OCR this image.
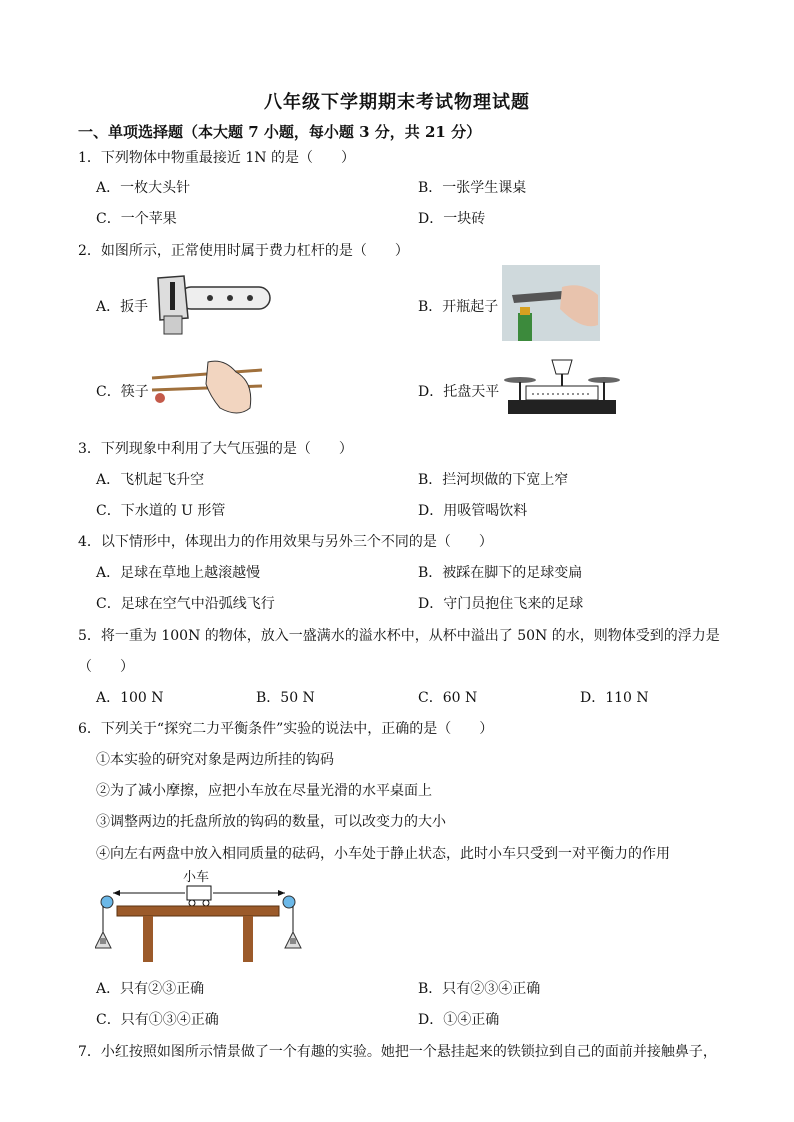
八年级下学期期末考试物理试题
一、单项选择题（本大题 7 小题，每小题 3 分，共 21 分）
1．下列物体中物重最接近 1N 的是（　　）
A．一枚大头针	B．一张学生课桌
C．一个苹果	D．一块砖
2．如图所示，正常使用时属于费力杠杆的是（　　）
A．扳手	B．开瓶起子
C．筷子	D．托盘天平
3．下列现象中利用了大气压强的是（　　）
A．飞机起飞升空	B．拦河坝做的下宽上窄
C．下水道的 U 形管	D．用吸管喝饮料
4．以下情形中，体现出力的作用效果与另外三个不同的是（　　）
A．足球在草地上越滚越慢	B．被踩在脚下的足球变扁
C．足球在空气中沿弧线飞行	D．守门员抱住飞来的足球
5．将一重为 100N 的物体，放入一盛满水的溢水杯中，从杯中溢出了 50N 的水，则物体受到的浮力是
（　　）
A．100 N	B．50 N	C．60 N	D．110 N
6．下列关于“探究二力平衡条件”实验的说法中，正确的是（　　）
①本实验的研究对象是两边所挂的钩码
②为了减小摩擦，应把小车放在尽量光滑的水平桌面上
③调整两边的托盘所放的钩码的数量，可以改变力的大小
④向左右两盘中放入相同质量的砝码，小车处于静止状态，此时小车只受到一对平衡力的作用
小车
A．只有②③正确	B．只有②③④正确
C．只有①③④正确	D．①④正确
7．小红按照如图所示情景做了一个有趣的实验。她把一个悬挂起来的铁锁拉到自己的面前并接触鼻子，
